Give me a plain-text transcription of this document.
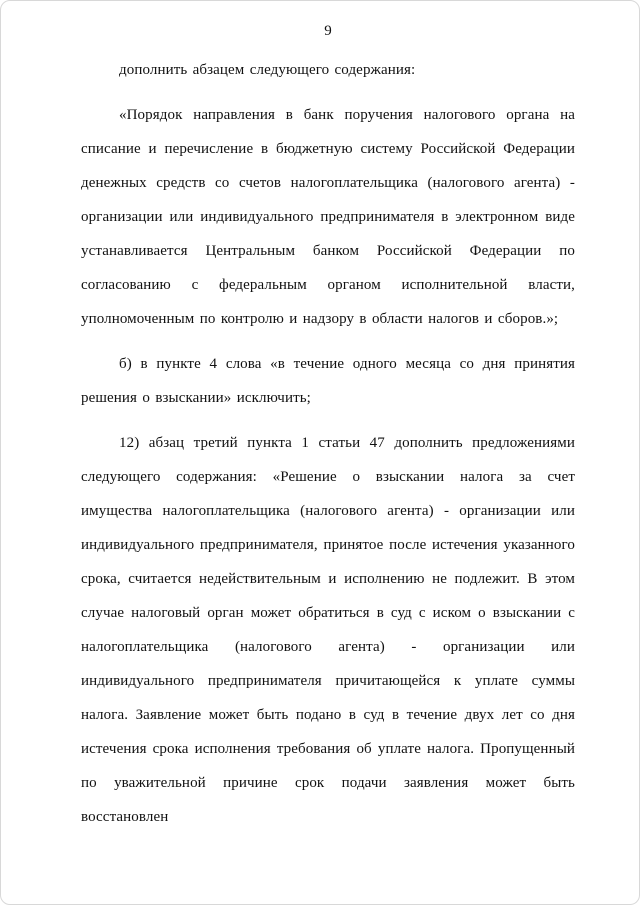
9

дополнить абзацем следующего содержания:

«Порядок направления в банк поручения налогового органа на списание и перечисление в бюджетную систему Российской Федерации денежных средств со счетов налогоплательщика (налогового агента) - организации или индивидуального предпринимателя в электронном виде устанавливается Центральным банком Российской Федерации по согласованию с федеральным органом исполнительной власти, уполномоченным по контролю и надзору в области налогов и сборов.»;

б) в пункте 4 слова «в течение одного месяца со дня принятия решения о взыскании» исключить;

12) абзац третий пункта 1 статьи 47 дополнить предложениями следующего содержания: «Решение о взыскании налога за счет имущества налогоплательщика (налогового агента) - организации или индивидуального предпринимателя, принятое после истечения указанного срока, считается недействительным и исполнению не подлежит. В этом случае налоговый орган может обратиться в суд с иском о взыскании с налогоплательщика (налогового агента) - организации или индивидуального предпринимателя причитающейся к уплате суммы налога. Заявление может быть подано в суд в течение двух лет со дня истечения срока исполнения требования об уплате налога. Пропущенный по уважительной причине срок подачи заявления может быть восстановлен
